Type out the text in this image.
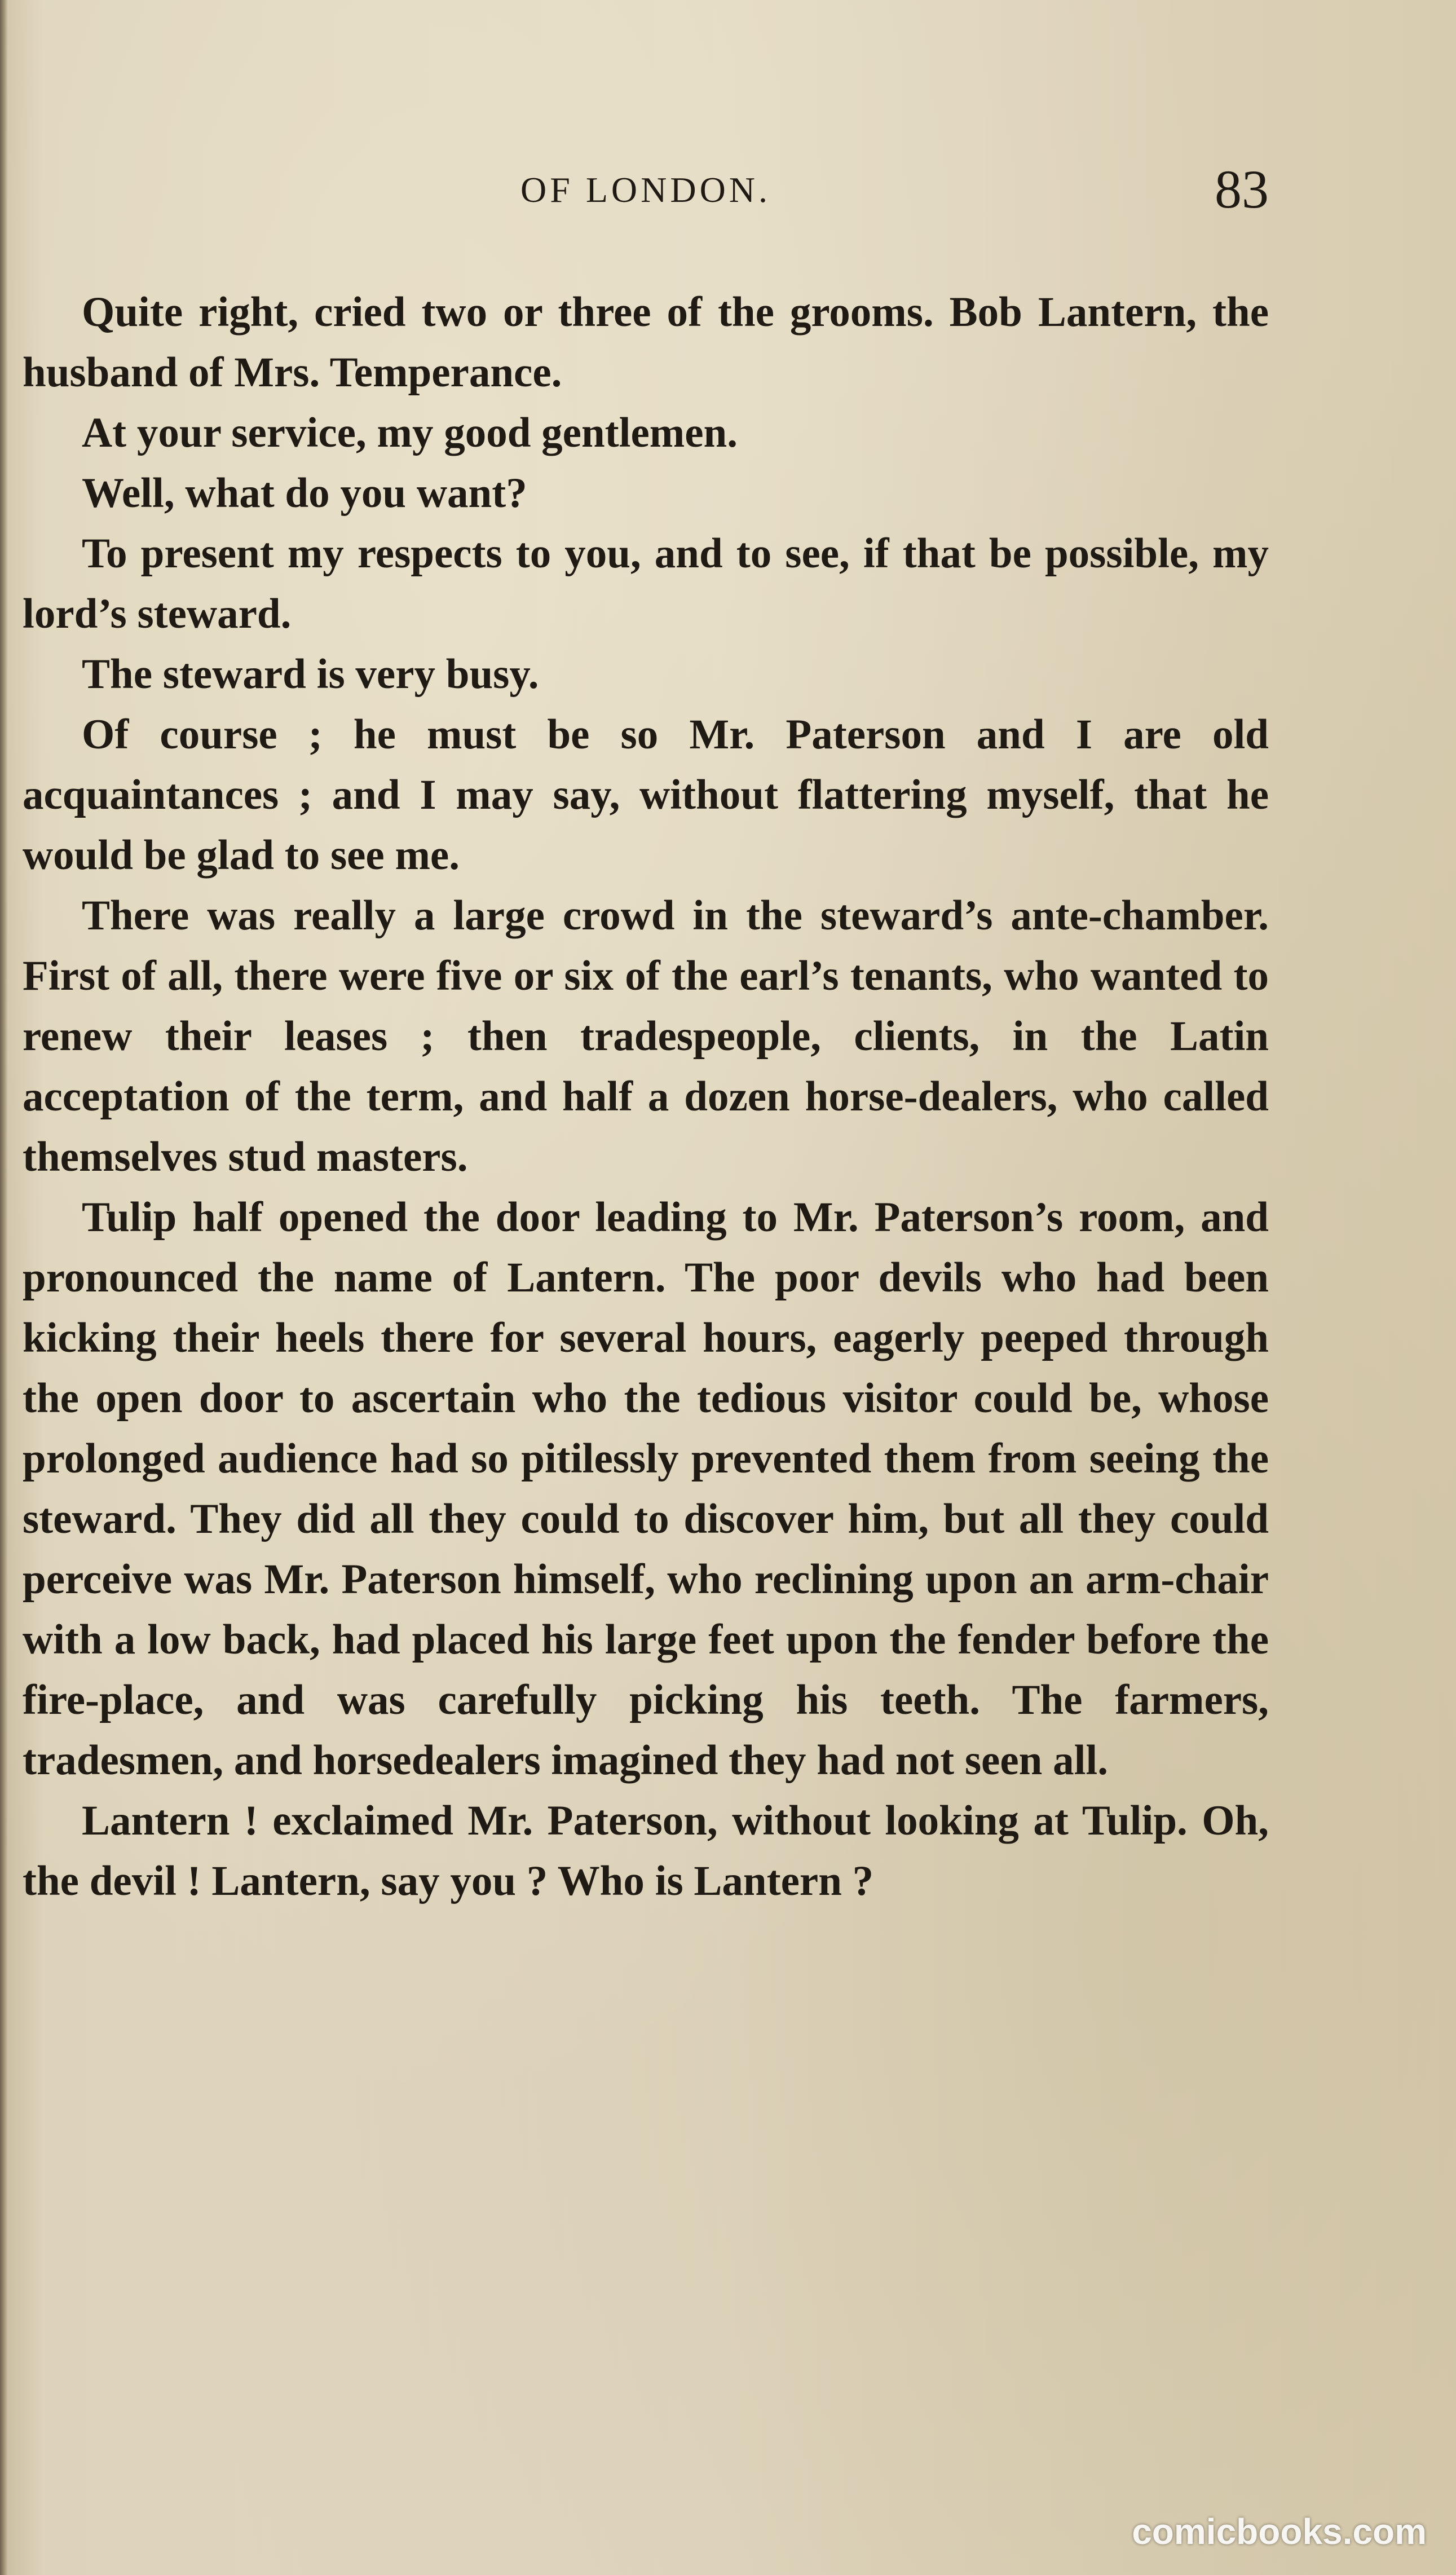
OF LONDON.	83

Quite right, cried two or three of the grooms. Bob Lantern, the husband of Mrs. Temperance.

At your service, my good gentlemen.

Well, what do you want?

To present my respects to you, and to see, if that be possible, my lord’s steward.

The steward is very busy.

Of course ; he must be so Mr. Paterson and I are old acquaintances ; and I may say, without flattering myself, that he would be glad to see me.

There was really a large crowd in the steward’s ante-chamber. First of all, there were five or six of the earl’s tenants, who wanted to renew their leases ; then tradespeople, clients, in the Latin acceptation of the term, and half a dozen horse-dealers, who called themselves stud masters.

Tulip half opened the door leading to Mr. Paterson’s room, and pronounced the name of Lantern. The poor devils who had been kicking their heels there for several hours, eagerly peeped through the open door to ascertain who the tedious visitor could be, whose prolonged audience had so pitilessly prevented them from seeing the steward. They did all they could to discover him, but all they could perceive was Mr. Paterson himself, who reclining upon an arm-chair with a low back, had placed his large feet upon the fender before the fire-place, and was carefully picking his teeth. The farmers, tradesmen, and horsedealers imagined they had not seen all.

Lantern ! exclaimed Mr. Paterson, without looking at Tulip. Oh, the devil ! Lantern, say you ? Who is Lantern ?

comicbooks.com
